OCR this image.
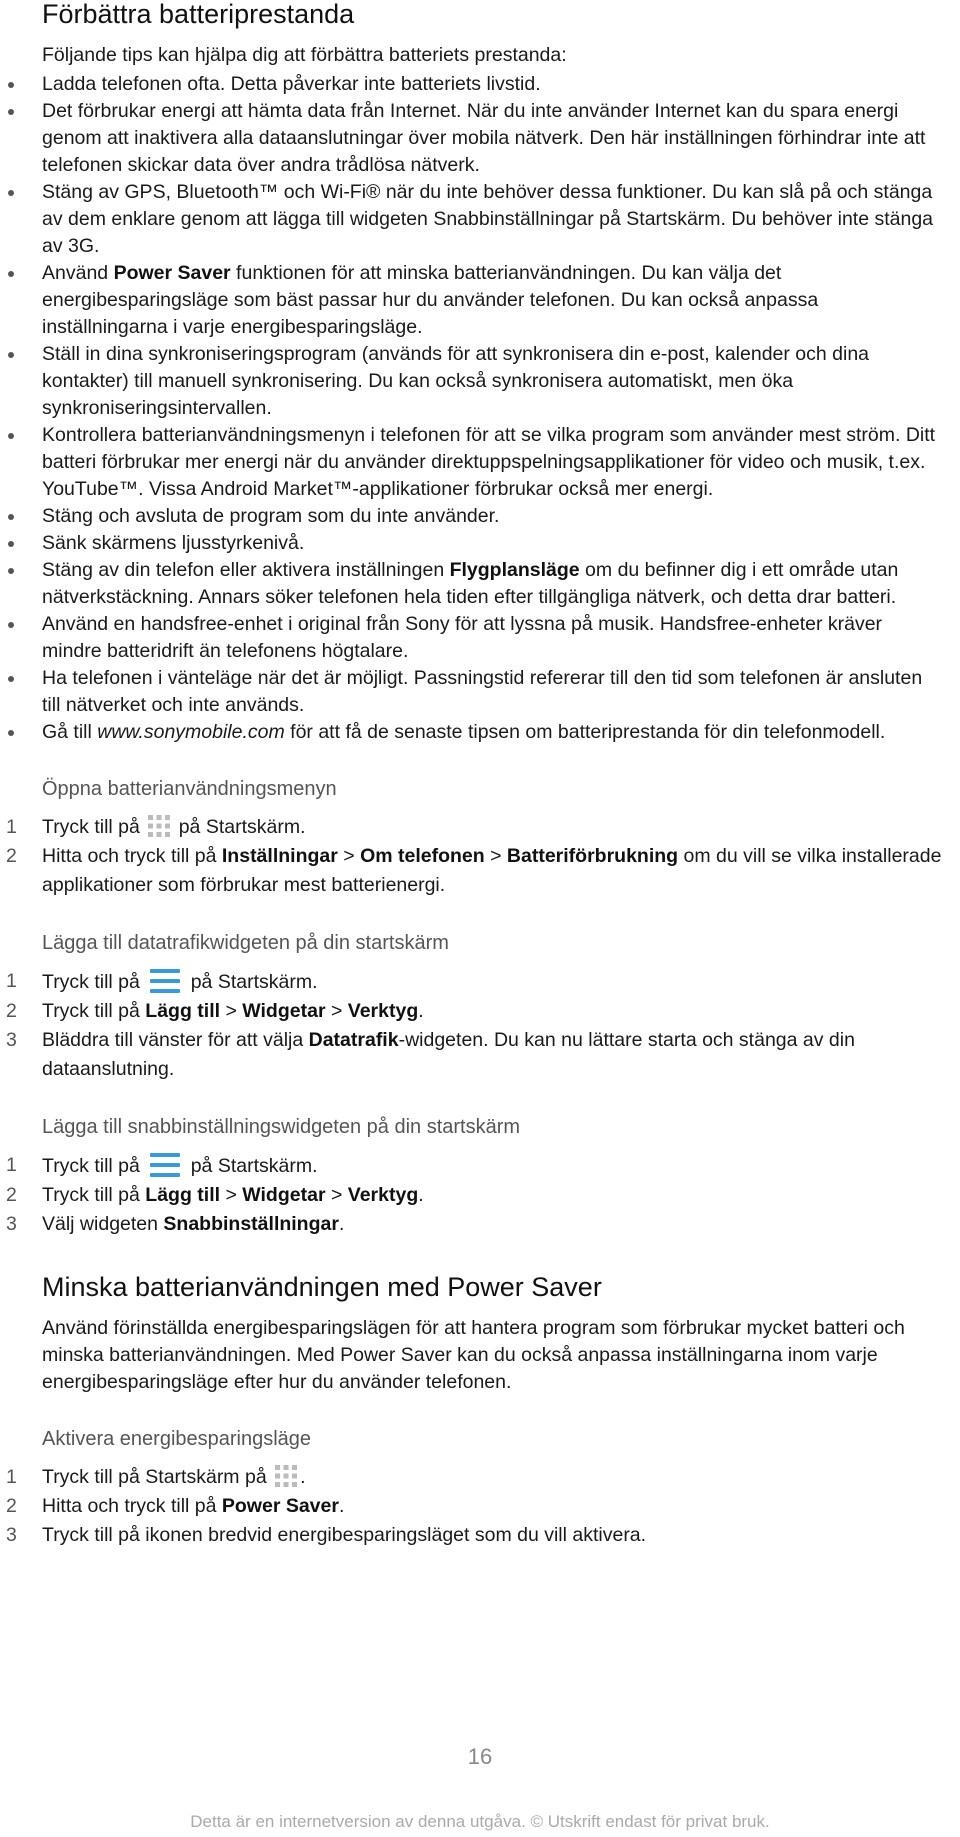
Förbättra batteriprestanda

Följande tips kan hjälpa dig att förbättra batteriets prestanda:

Ladda telefonen ofta. Detta påverkar inte batteriets livstid.
Det förbrukar energi att hämta data från Internet. När du inte använder Internet kan du spara energi genom att inaktivera alla dataanslutningar över mobila nätverk. Den här inställningen förhindrar inte att telefonen skickar data över andra trådlösa nätverk.
Stäng av GPS, Bluetooth™ och Wi-Fi® när du inte behöver dessa funktioner. Du kan slå på och stänga av dem enklare genom att lägga till widgeten Snabbinställningar på Startskärm. Du behöver inte stänga av 3G.
Använd Power Saver funktionen för att minska batterianvändningen. Du kan välja det energibesparingsläge som bäst passar hur du använder telefonen. Du kan också anpassa inställningarna i varje energibesparingsläge.
Ställ in dina synkroniseringsprogram (används för att synkronisera din e-post, kalender och dina kontakter) till manuell synkronisering. Du kan också synkronisera automatiskt, men öka synkroniseringsintervallen.
Kontrollera batterianvändningsmenyn i telefonen för att se vilka program som använder mest ström. Ditt batteri förbrukar mer energi när du använder direktuppspelningsapplikationer för video och musik, t.ex. YouTube™. Vissa Android Market™-applikationer förbrukar också mer energi.
Stäng och avsluta de program som du inte använder.
Sänk skärmens ljusstyrkenivå.
Stäng av din telefon eller aktivera inställningen Flygplansläge om du befinner dig i ett område utan nätverkstäckning. Annars söker telefonen hela tiden efter tillgängliga nätverk, och detta drar batteri.
Använd en handsfree-enhet i original från Sony för att lyssna på musik. Handsfree-enheter kräver mindre batteridrift än telefonens högtalare.
Ha telefonen i vänteläge när det är möjligt. Passningstid refererar till den tid som telefonen är ansluten till nätverket och inte används.
Gå till www.sonymobile.com för att få de senaste tipsen om batteriprestanda för din telefonmodell.
Öppna batterianvändningsmenyn
1	Tryck till på  på Startskärm.
2	Hitta och tryck till på Inställningar > Om telefonen > Batteriförbrukning om du vill se vilka installerade applikationer som förbrukar mest batterienergi.
Lägga till datatrafikwidgeten på din startskärm
1	Tryck till på  på Startskärm.
2	Tryck till på Lägg till > Widgetar > Verktyg.
3	Bläddra till vänster för att välja Datatrafik-widgeten. Du kan nu lättare starta och stänga av din dataanslutning.
Lägga till snabbinställningswidgeten på din startskärm
1	Tryck till på  på Startskärm.
2	Tryck till på Lägg till > Widgetar > Verktyg.
3	Välj widgeten Snabbinställningar.
Minska batterianvändningen med Power Saver

Använd förinställda energibesparingslägen för att hantera program som förbrukar mycket batteri och minska batterianvändningen. Med Power Saver kan du också anpassa inställningarna inom varje energibesparingsläge efter hur du använder telefonen.

Aktivera energibesparingsläge
1	Tryck till på Startskärm på .
2	Hitta och tryck till på Power Saver.
3	Tryck till på ikonen bredvid energibesparingsläget som du vill aktivera.
16
Detta är en internetversion av denna utgåva. © Utskrift endast för privat bruk.
